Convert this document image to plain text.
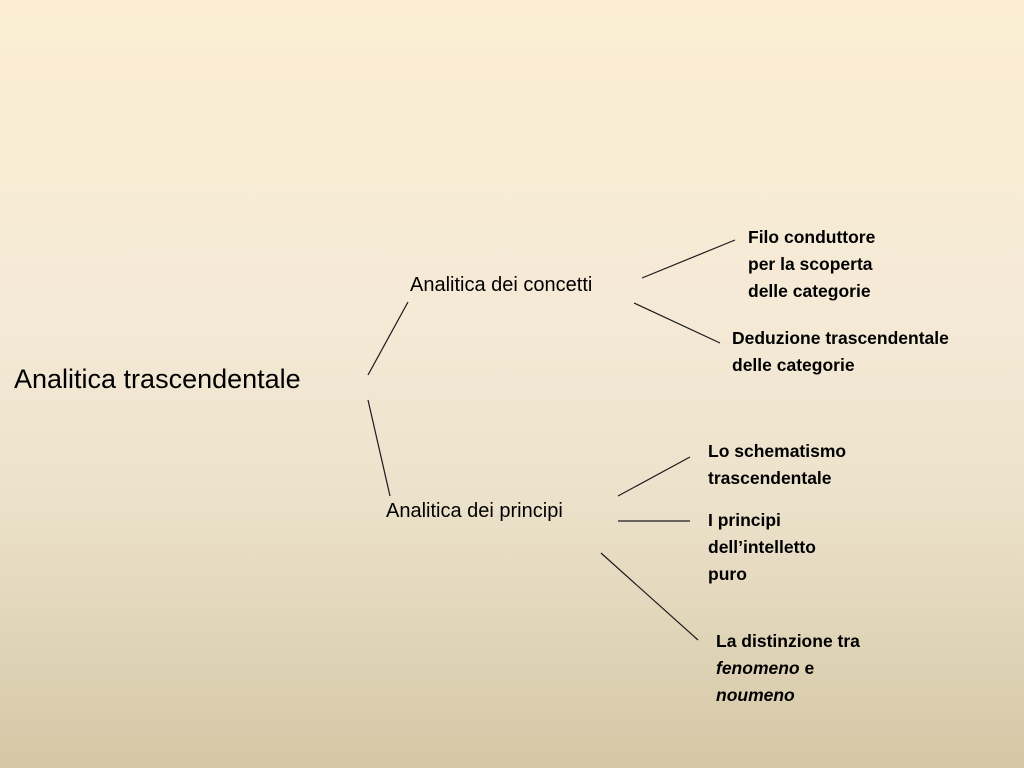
Analitica trascendentale
Analitica dei concetti
Analitica dei principi
Filo conduttore
per la scoperta
delle categorie
Deduzione trascendentale
delle categorie
Lo schematismo
trascendentale
I principi
dell’intelletto
puro
La distinzione tra
fenomeno e
noumeno
